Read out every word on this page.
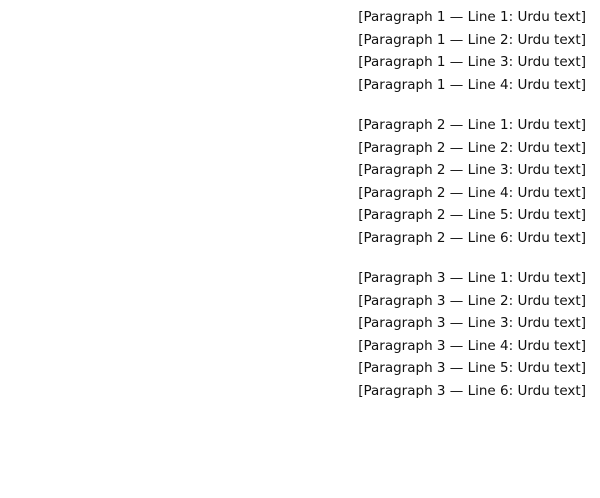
[Paragraph 1 — Line 1: Urdu text]
[Paragraph 1 — Line 2: Urdu text]
[Paragraph 1 — Line 3: Urdu text]
[Paragraph 1 — Line 4: Urdu text]

[Paragraph 2 — Line 1: Urdu text]
[Paragraph 2 — Line 2: Urdu text]
[Paragraph 2 — Line 3: Urdu text]
[Paragraph 2 — Line 4: Urdu text]
[Paragraph 2 — Line 5: Urdu text]
[Paragraph 2 — Line 6: Urdu text]

[Paragraph 3 — Line 1: Urdu text]
[Paragraph 3 — Line 2: Urdu text]
[Paragraph 3 — Line 3: Urdu text]
[Paragraph 3 — Line 4: Urdu text]
[Paragraph 3 — Line 5: Urdu text]
[Paragraph 3 — Line 6: Urdu text]
